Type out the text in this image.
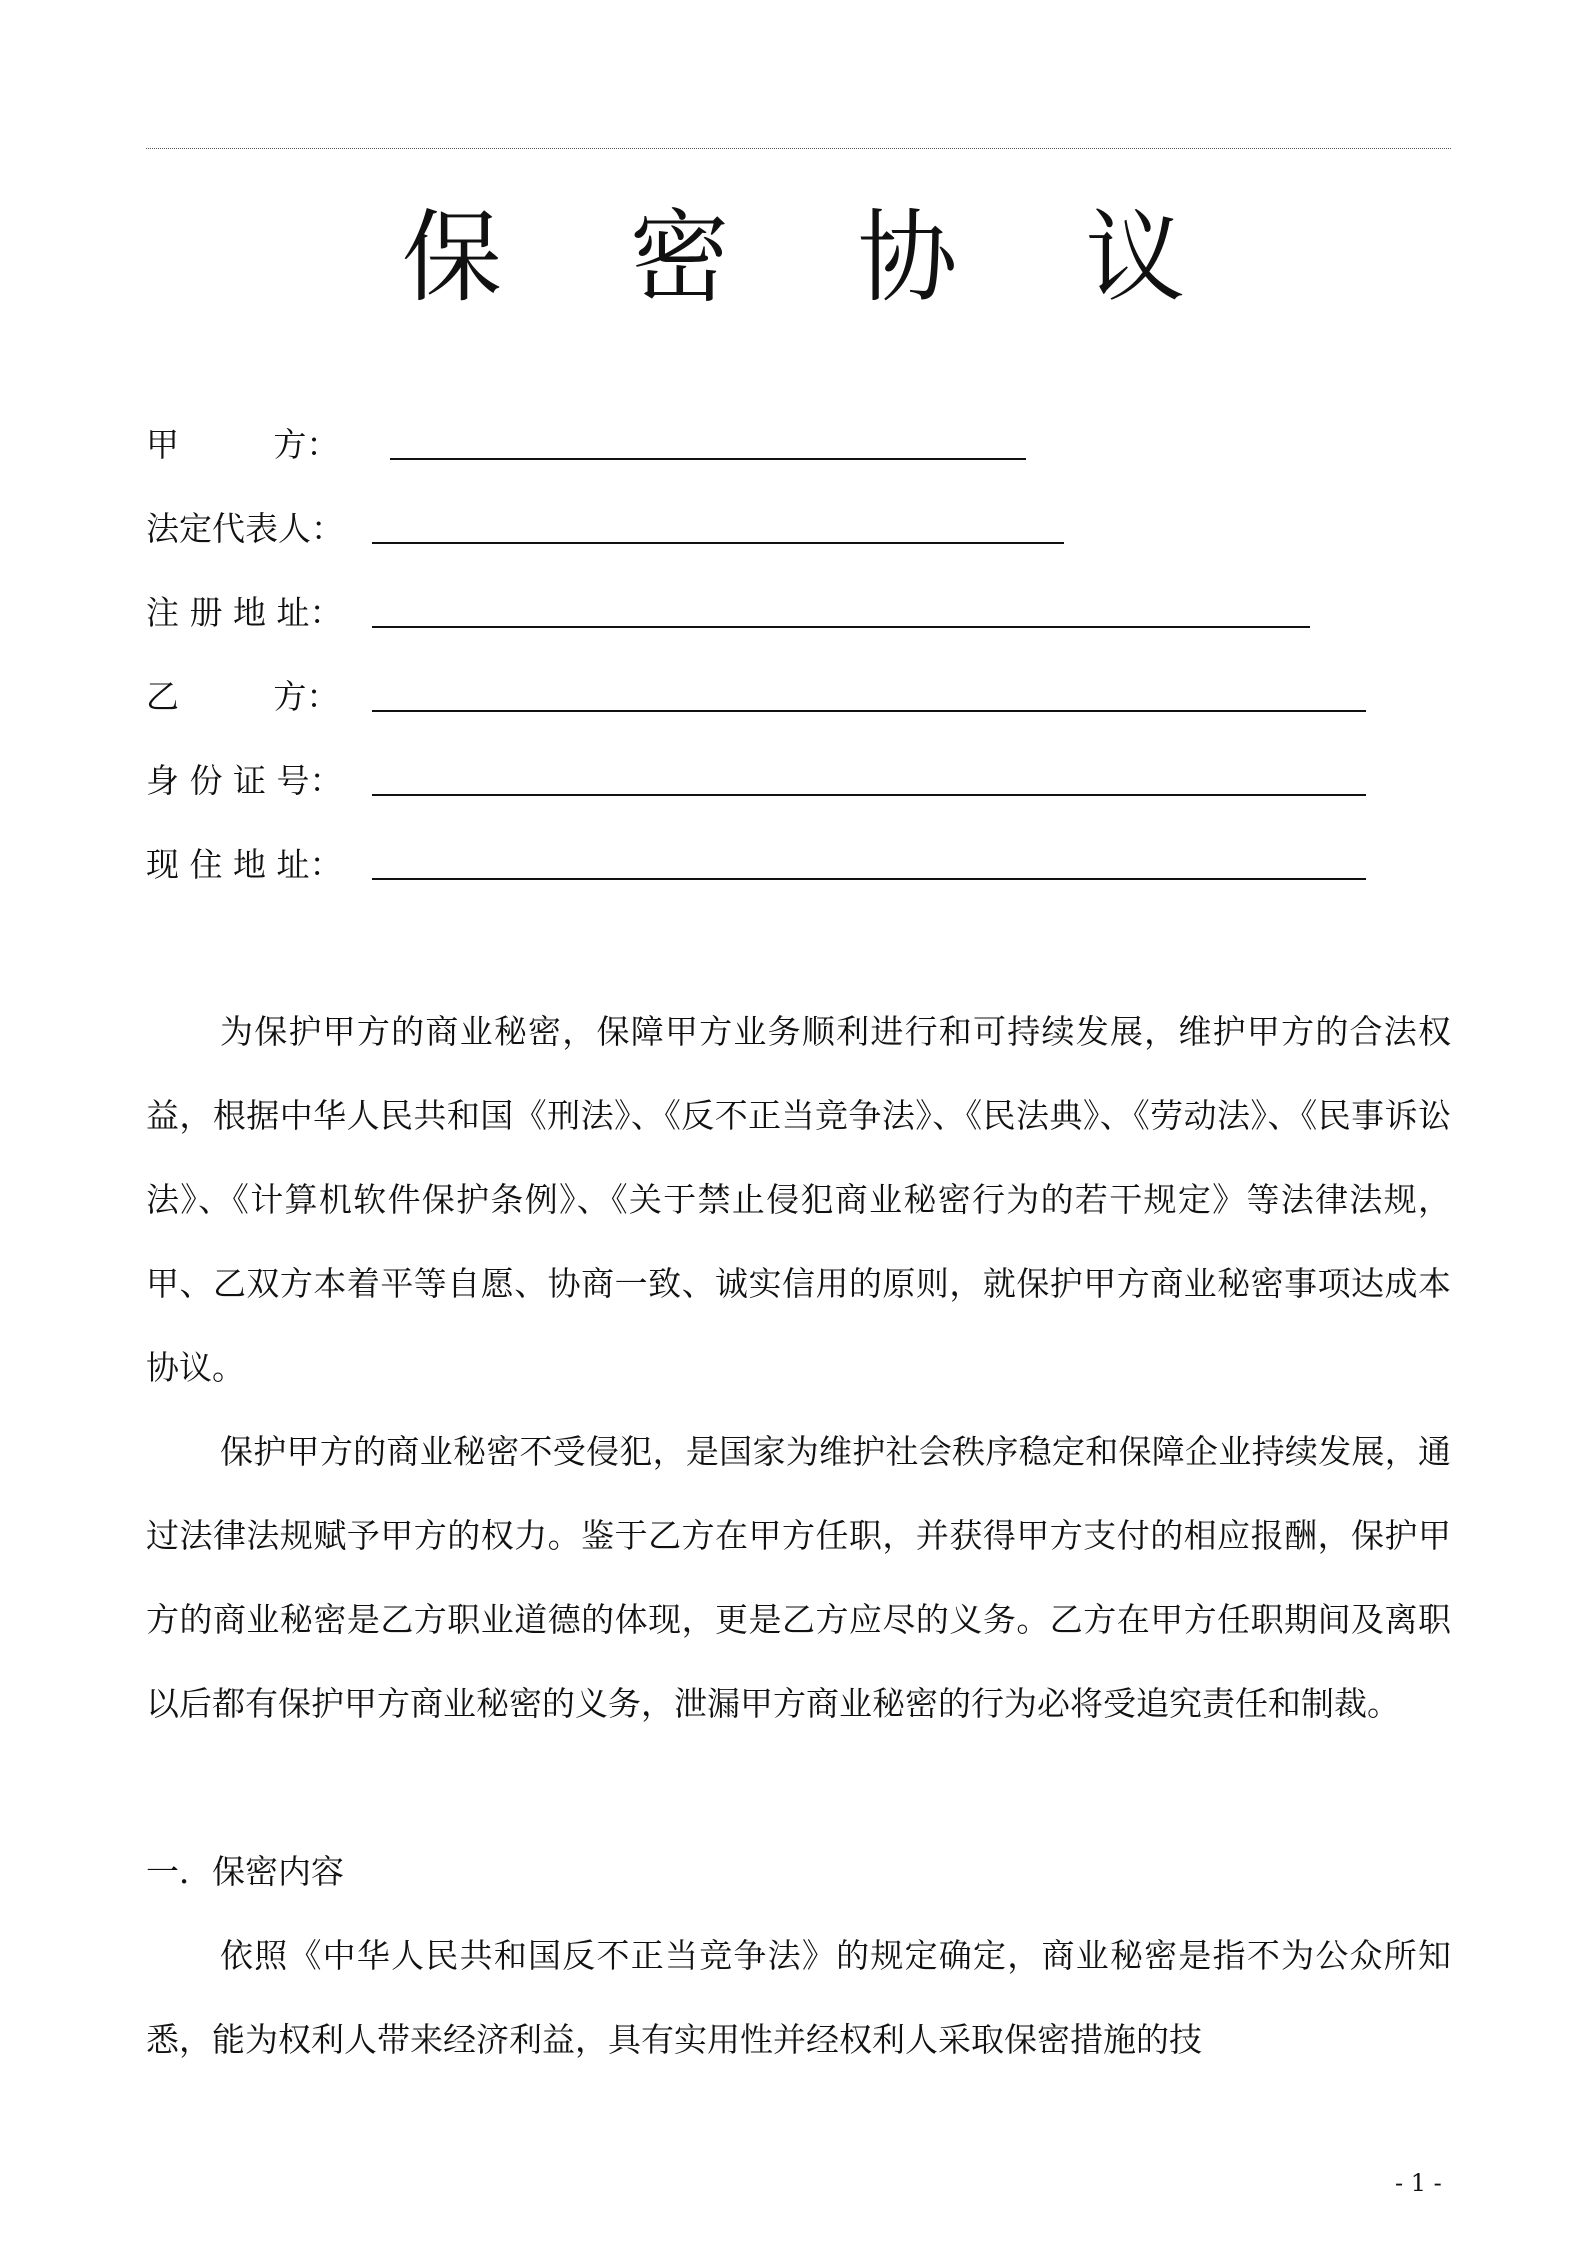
保 密 协 议
甲         方：
法定代表人：
注 册 地 址：
乙         方：
身 份 证 号：
现 住 地 址：

为保护甲方的商业秘密，保障甲方业务顺利进行和可持续发展，维护甲方的合法权益，根据中华人民共和国《刑法》、《反不正当竞争法》、《民法典》、《劳动法》、《民事诉讼法》、《计算机软件保护条例》、《关于禁止侵犯商业秘密行为的若干规定》等法律法规，甲、乙双方本着平等自愿、协商一致、诚实信用的原则，就保护甲方商业秘密事项达成本协议。

保护甲方的商业秘密不受侵犯，是国家为维护社会秩序稳定和保障企业持续发展，通过法律法规赋予甲方的权力。鉴于乙方在甲方任职，并获得甲方支付的相应报酬，保护甲方的商业秘密是乙方职业道德的体现，更是乙方应尽的义务。乙方在甲方任职期间及离职以后都有保护甲方商业秘密的义务，泄漏甲方商业秘密的行为必将受追究责任和制裁。

一．保密内容

依照《中华人民共和国反不正当竞争法》的规定确定，商业秘密是指不为公众所知悉，能为权利人带来经济利益，具有实用性并经权利人采取保密措施的技

- 1 -
